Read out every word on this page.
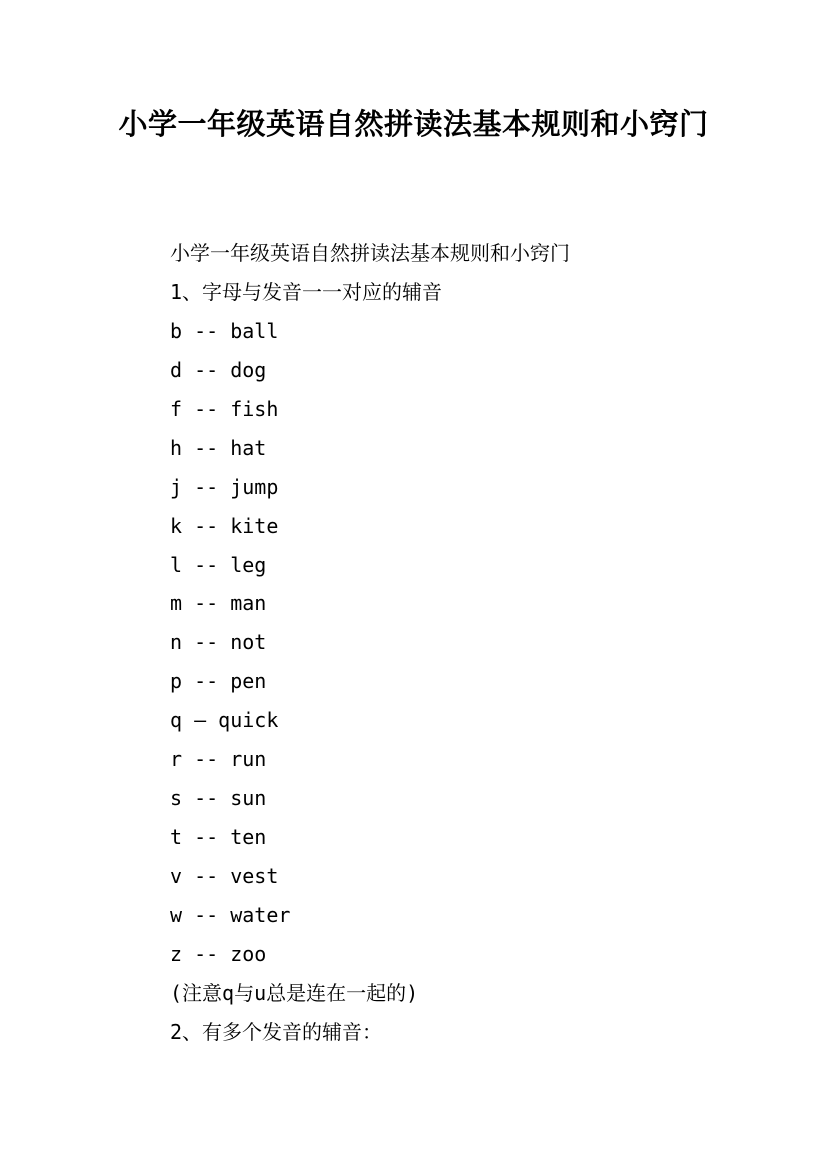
小学一年级英语自然拼读法基本规则和小窍门

小学一年级英语自然拼读法基本规则和小窍门

1、字母与发音一一对应的辅音

b -- ball

d -- dog

f -- fish

h -- hat

j -- jump

k -- kite

l -- leg

m -- man

n -- not

p -- pen

q – quick

r -- run

s -- sun

t -- ten

v -- vest

w -- water

z -- zoo

(注意q与u总是连在一起的)

2、有多个发音的辅音：
